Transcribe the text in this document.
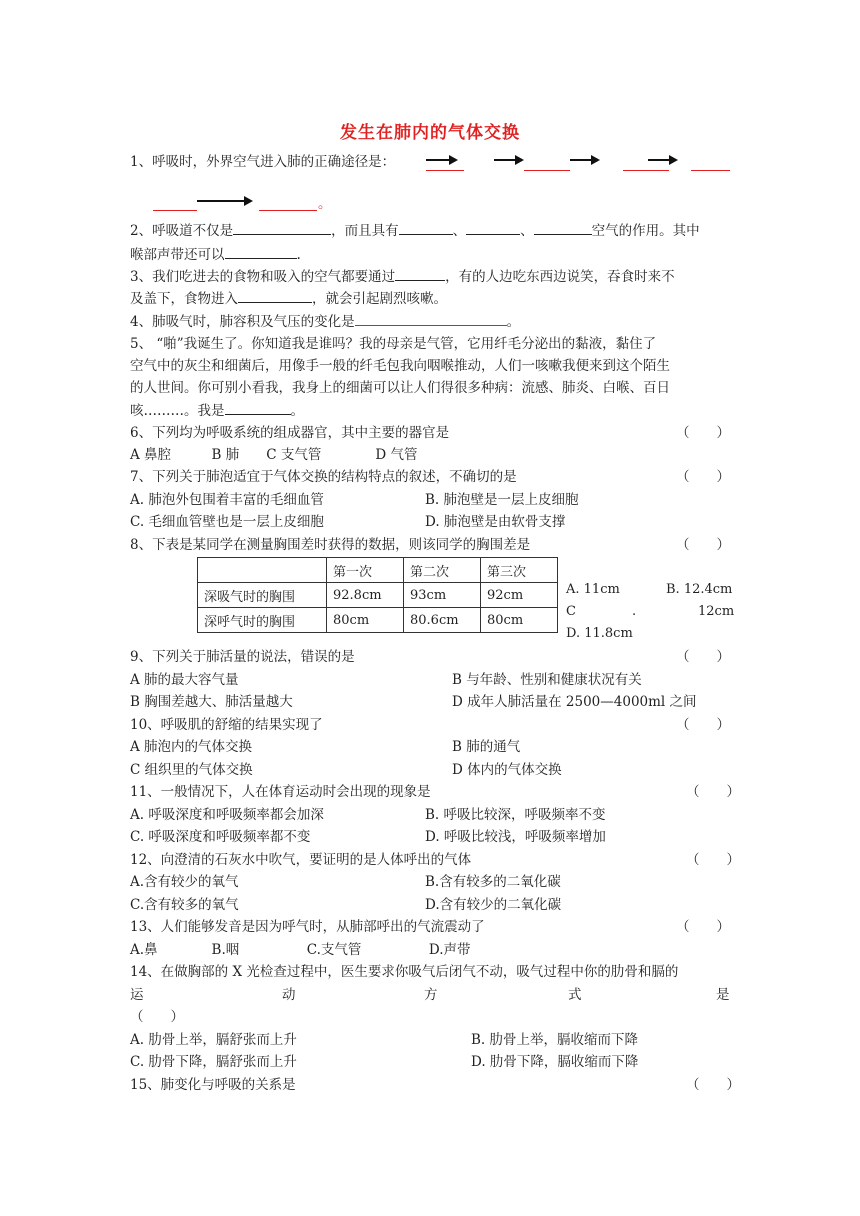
发生在肺内的气体交换
1、呼吸时，外界空气进入肺的正确途径是：
。
2、呼吸道不仅是	，而且具有	、	、	空气的作用。其中
喉部声带还可以	.
3、我们吃进去的食物和吸入的空气都要通过	，有的人边吃东西边说笑，吞食时来不
及盖下，食物进入	，就会引起剧烈咳嗽。
4、肺吸气时，肺容积及气压的变化是	。
5、 “啪”我诞生了。你知道我是谁吗？我的母亲是气管，它用纤毛分泌出的黏液，黏住了
空气中的灰尘和细菌后，用像手一般的纤毛包我向咽喉推动，人们一咳嗽我便来到这个陌生
的人世间。你可别小看我，我身上的细菌可以让人们得很多种病：流感、肺炎、白喉、百日
咳………。我是	。
6、下列均为呼吸系统的组成器官，其中主要的器官是	（　　）
A 鼻腔　　　B 肺　　C 支气管　　　　D 气管
7、下列关于肺泡适宜于气体交换的结构特点的叙述，不确切的是	（　　）
A. 肺泡外包围着丰富的毛细血管	B. 肺泡壁是一层上皮细胞
C. 毛细血管壁也是一层上皮细胞	D. 肺泡壁是由软骨支撑
8、下表是某同学在测量胸围差时获得的数据，则该同学的胸围差是	（　　）
	第一次	第二次	第三次
深吸气时的胸围	92.8cm	93cm	92cm
深呼气时的胸围	80cm	80.6cm	80cm
A. 11cm	B. 12.4cm
C	.	12cm
D. 11.8cm
9、下列关于肺活量的说法，错误的是	（　　）
A 肺的最大容气量	B 与年龄、性别和健康状况有关
B 胸围差越大、肺活量越大	D 成年人肺活量在 2500—4000ml 之间
10、呼吸肌的舒缩的结果实现了	（　　）
A 肺泡内的气体交换	B 肺的通气
C 组织里的气体交换	D 体内的气体交换
11、一般情况下，人在体育运动时会出现的现象是	（　　）
A. 呼吸深度和呼吸频率都会加深	B. 呼吸比较深，呼吸频率不变
C. 呼吸深度和呼吸频率都不变	D. 呼吸比较浅，呼吸频率增加
12、向澄清的石灰水中吹气，要证明的是人体呼出的气体	（　　）
A.含有较少的氧气	B.含有较多的二氧化碳
C.含有较多的氧气	D.含有较少的二氧化碳
13、人们能够发音是因为呼气时，从肺部呼出的气流震动了	（　　）
A.鼻　　　　B.咽　　　　　C.支气管　　　　　D.声带
14、在做胸部的 X 光检查过程中，医生要求你吸气后闭气不动，吸气过程中你的肋骨和膈的
运	动	方	式	是
（　　）
A. 肋骨上举，膈舒张而上升	B. 肋骨上举，膈收缩而下降
C. 肋骨下降，膈舒张而上升	D. 肋骨下降，膈收缩而下降
15、肺变化与呼吸的关系是	（　　）
